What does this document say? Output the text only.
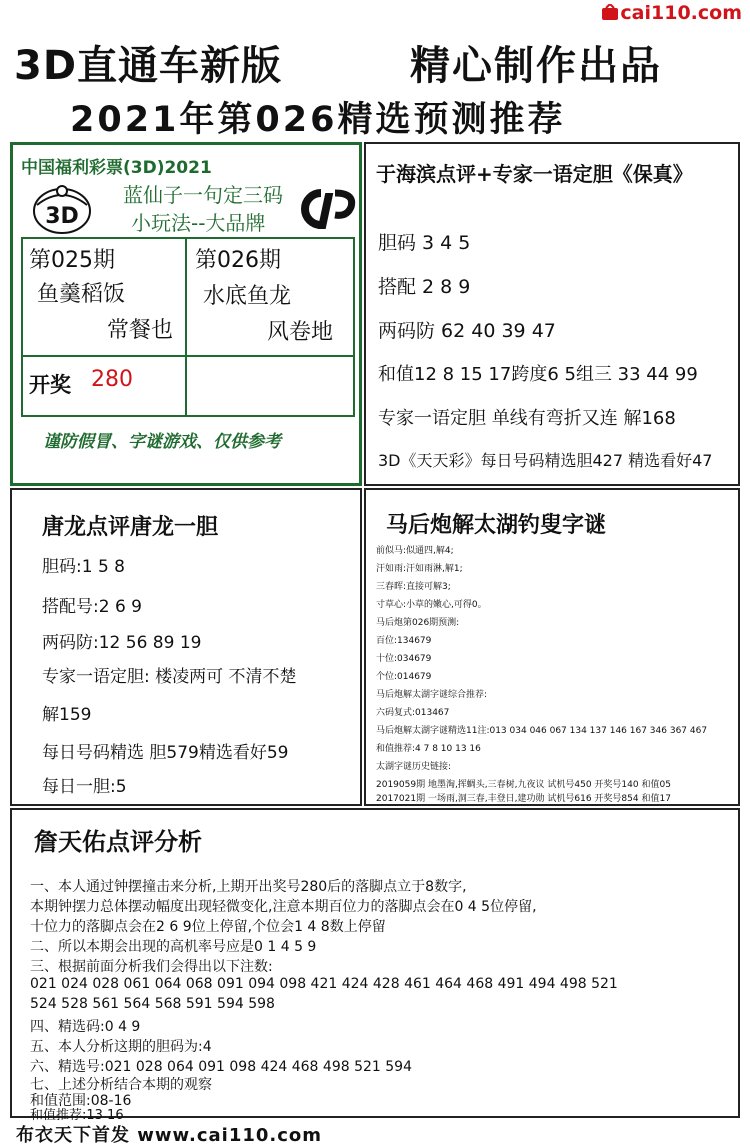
cai110.com
3D直通车新版	精心制作出品
2021年第026精选预测推荐
中国福利彩票(3D)2021
3D
蓝仙子一句定三码
小玩法--大品牌
第025期
鱼羹稻饭
常餐也
第026期
水底鱼龙
风卷地
开奖 280
谨防假冒、字谜游戏、仅供参考
于海滨点评+专家一语定胆《保真》
胆码 3 4 5
搭配 2 8 9
两码防 62 40 39 47
和值12 8 15 17跨度6 5组三 33 44 99
专家一语定胆 单线有弯折又连 解168
3D《天天彩》每日号码精选胆427 精选看好47
唐龙点评唐龙一胆
胆码:1 5 8
搭配号:2 6 9
两码防:12 56 89 19
专家一语定胆: 楼凌两可 不清不楚
解159
每日号码精选 胆579精选看好59
每日一胆:5
马后炮解太湖钓叟字谜
前似马:似通四,解4;
汗如雨:汗如雨淋,解1;
三春晖:直接可解3;
寸草心:小草的嫩心,可得0。
马后炮第026期预测:
百位:134679
十位:034679
个位:014679
马后炮解太湖字谜综合推荐:
六码复式:013467
马后炮解太湖字谜精选11注:013 034 046 067 134 137 146 167 346 367 467
和值推荐:4 7 8 10 13 16
太湖字谜历史链接:
2019059期 地墨淘,挥蜩头,三春树,九夜议 试机号450 开奖号140 和值05
2017021期 一场雨,洞三春,丰登日,建功勋 试机号616 开奖号854 和值17
詹天佑点评分析
一、本人通过钟摆撞击来分析,上期开出奖号280后的落脚点立于8数字,
本期钟摆力总体摆动幅度出现轻微变化,注意本期百位力的落脚点会在0 4 5位停留,
十位力的落脚点会在2 6 9位上停留,个位会1 4 8数上停留
二、所以本期会出现的高机率号应是0 1 4 5 9
三、根据前面分析我们会得出以下注数:
021 024 028 061 064 068 091 094 098 421 424 428 461 464 468 491 494 498 521
524 528 561 564 568 591 594 598
四、精选码:0 4 9
五、本人分析这期的胆码为:4
六、精选号:021 028 064 091 098 424 468 498 521 594
七、上述分析结合本期的观察
和值范围:08-16
和值推荐:13 16
布衣天下首发 www.cai110.com
